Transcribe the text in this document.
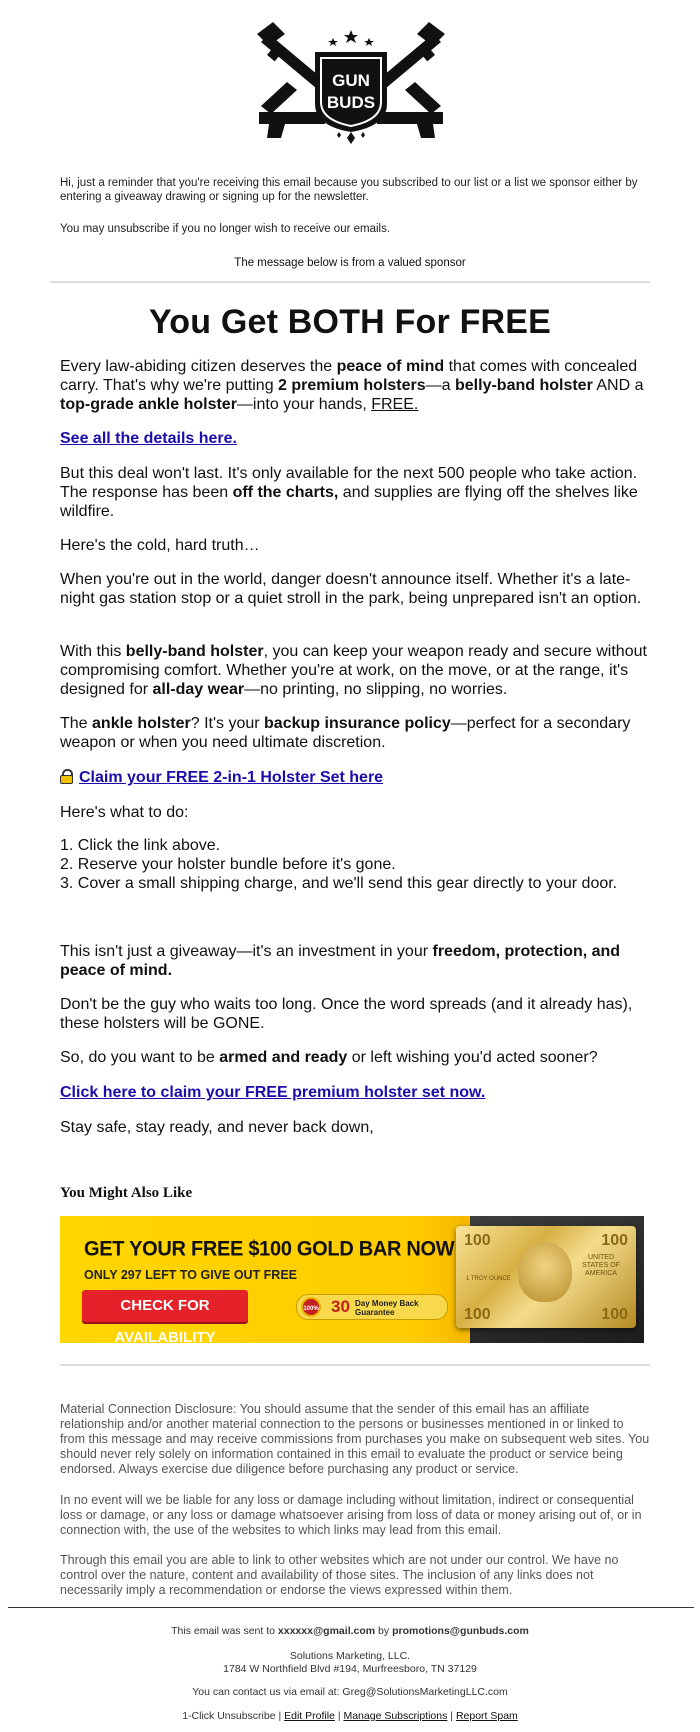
GUN
BUDS
Hi, just a reminder that you're receiving this email because you subscribed to our list or a list we sponsor either by entering a giveaway drawing or signing up for the newsletter.
You may unsubscribe if you no longer wish to receive our emails.
The message below is from a valued sponsor
You Get BOTH For FREE

Every law-abiding citizen deserves the peace of mind that comes with concealed carry. That's why we're putting 2 premium holsters—a belly-band holster AND a top-grade ankle holster—into your hands, FREE.

See all the details here.

But this deal won't last. It's only available for the next 500 people who take action. The response has been off the charts, and supplies are flying off the shelves like wildfire.

Here's the cold, hard truth…
When you're out in the world, danger doesn't announce itself. Whether it's a late-night gas station stop or a quiet stroll in the park, being unprepared isn't an option.

With this belly-band holster, you can keep your weapon ready and secure without compromising comfort. Whether you're at work, on the move, or at the range, it's designed for all-day wear—no printing, no slipping, no worries.

The ankle holster? It's your backup insurance policy—perfect for a secondary weapon or when you need ultimate discretion.

Claim your FREE 2-in-1 Holster Set here
Here's what to do:
1. Click the link above.
2. Reserve your holster bundle before it's gone.
3. Cover a small shipping charge, and we'll send this gear directly to your door.

This isn't just a giveaway—it's an investment in your freedom, protection, and peace of mind.

Don't be the guy who waits too long. Once the word spreads (and it already has), these holsters will be GONE.

So, do you want to be armed and ready or left wishing you'd acted sooner?

Click here to claim your FREE premium holster set now.
Stay safe, stay ready, and never back down,
You Might Also Like
GET YOUR FREE $100 GOLD BAR NOW
ONLY 297 LEFT TO GIVE OUT FREE
CHECK FOR AVAILABILITY
100% 30 Day Money Back
Guarantee
100	100
100	100
UNITED STATES OF AMERICA
1 TROY OUNCE
Material Connection Disclosure: You should assume that the sender of this email has an affiliate relationship and/or another material connection to the persons or businesses mentioned in or linked to from this message and may receive commissions from purchases you make on subsequent web sites. You should never rely solely on information contained in this email to evaluate the product or service being endorsed. Always exercise due diligence before purchasing any product or service.
In no event will we be liable for any loss or damage including without limitation, indirect or consequential loss or damage, or any loss or damage whatsoever arising from loss of data or money arising out of, or in connection with, the use of the websites to which links may lead from this email.
Through this email you are able to link to other websites which are not under our control. We have no control over the nature, content and availability of those sites. The inclusion of any links does not necessarily imply a recommendation or endorse the views expressed within them.
This email was sent to xxxxxx@gmail.com by promotions@gunbuds.com
Solutions Marketing, LLC.
1784 W Northfield Blvd #194, Murfreesboro, TN 37129
You can contact us via email at: Greg@SolutionsMarketingLLC.com
1-Click Unsubscribe | Edit Profile | Manage Subscriptions | Report Spam
